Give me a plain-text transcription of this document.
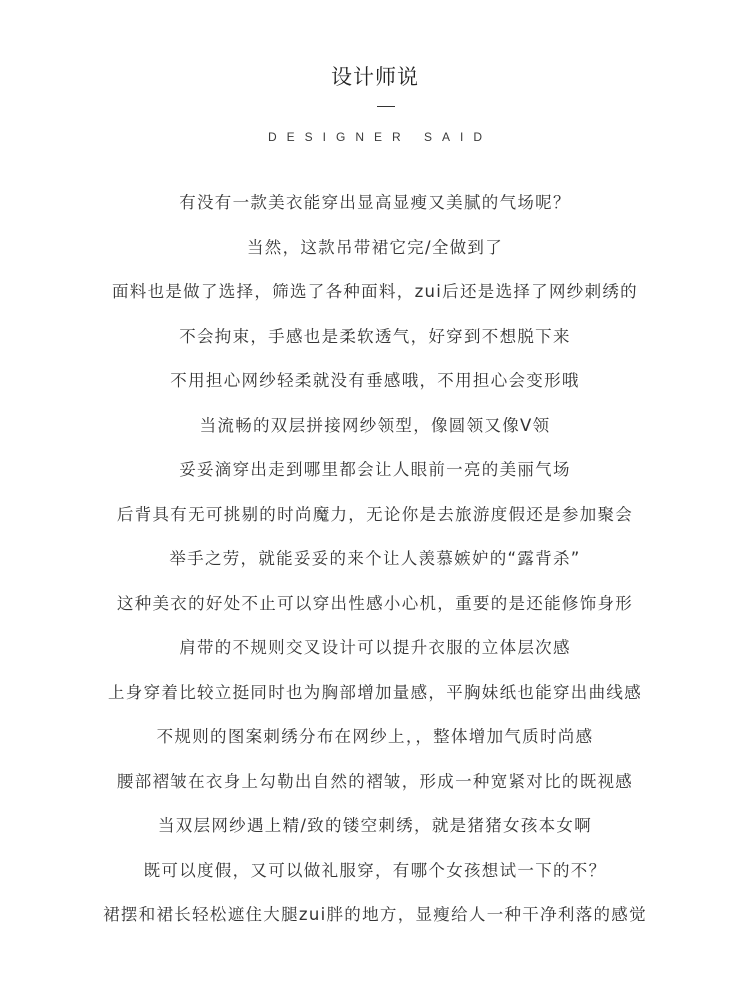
设计师说
DESIGNER SAID
有没有一款美衣能穿出显高显瘦又美腻的气场呢？
当然，这款吊带裙它完/全做到了
面料也是做了选择，筛选了各种面料，zui后还是选择了网纱刺绣的
不会拘束，手感也是柔软透气，好穿到不想脱下来
不用担心网纱轻柔就没有垂感哦，不用担心会变形哦
当流畅的双层拼接网纱领型，像圆领又像V领
妥妥滴穿出走到哪里都会让人眼前一亮的美丽气场
后背具有无可挑剔的时尚魔力，无论你是去旅游度假还是参加聚会
举手之劳，就能妥妥的来个让人羡慕嫉妒的“露背杀”
这种美衣的好处不止可以穿出性感小心机，重要的是还能修饰身形
肩带的不规则交叉设计可以提升衣服的立体层次感
上身穿着比较立挺同时也为胸部增加量感，平胸妹纸也能穿出曲线感
不规则的图案刺绣分布在网纱上，，整体增加气质时尚感
腰部褶皱在衣身上勾勒出自然的褶皱，形成一种宽紧对比的既视感
当双层网纱遇上精/致的镂空刺绣，就是猪猪女孩本女啊
既可以度假，又可以做礼服穿，有哪个女孩想试一下的不？
裙摆和裙长轻松遮住大腿zui胖的地方，显瘦给人一种干净利落的感觉
